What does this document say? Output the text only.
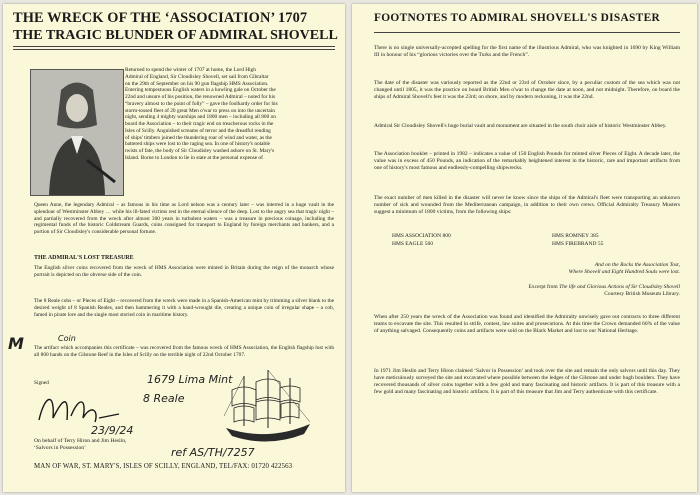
THE WRECK OF THE ‘ASSOCIATION’ 1707
THE TRAGIC BLUNDER OF ADMIRAL SHOVELL
Returned to spend the winter of 1707 at home, the Lord High
Admiral of England, Sir Cloudisley Shovell, set sail from Gibraltar
on the 29th of September on his 90 gun flagship HMS Association.
Entering tempestuous English waters in a howling gale on October the
22nd and unsure of his position, the renowned Admiral – noted for his
“bravery almost to the point of folly” – gave the foolhardy order for his
storm-tossed fleet of 20 great Men o'war to press on into the uncertain
night, sending 4 mighty warships and 1800 men – including all 800 on
board the Association – to their tragic end on treacherous rocks in the
Isles of Scilly. Anguished screams of terror and the dreadful rending
of ships' timbers joined the thundering roar of wind and water, as the
battered ships were lost to the raging sea. In one of history's notable
twists of fate, the body of Sir Cloudisley washed ashore on St. Mary's
Island. Borne to London to lie in state at the personal expense of
Queen Anne, the legendary Admiral – as famous in his time as Lord nelson was a century later – was interred in a huge vault in the splendour of Westminster Abbey … while his ill-fated victims rest in the eternal silence of the deep. Lost to the angry sea that tragic night – and partially recovered from the wreck after almost 300 years in turbulent waters – was a treasure in precious coinage, including the regimental funds of the historic Coldstream Guards, coins consigned for transport to England by foreign merchants and bankers, and a portion of Sir Cloudisley's considerable personal fortune.
THE ADMIRAL'S LOST TREASURE
The English silver coins recovered from the wreck of HMS Association were minted in Britain during the reign of the monarch whose portrait is depicted on the obverse side of the coin.
The 8 Reale cobs – or Pieces of Eight – recovered from the wreck were made in a Spanish-American mint by trimming a silver blank to the desired weight of 8 Spanish Reales, and then hammering it with a hand-wrought die, creating a unique coin of irregular shape – a cob, famed in pirate lore and the single most storied coin in maritime history.
The artifact which accompanies this certificate – was recovered from the famous wreck of HMS Association, the English flagship lost with all 800 hands on the Gilstone Reef in the Isles of Scilly on the terrible night of 22nd October 1707.
Coin
M
Signed	1679 Lima Mint
8 Reale
23/9/24
ref AS/TH/7257
On behalf of Terry Hiron and Jim Heslin,
‘Salvors in Possession’
MAN OF WAR, ST. MARY'S, ISLES OF SCILLY, ENGLAND, TEL/FAX: 01720 422563
FOOTNOTES TO ADMIRAL SHOVELL'S DISASTER
There is no single universally-accepted spelling for the first name of the illustrious Admiral, who was knighted in 1690 by King William III in honour of his “glorious victories over the Turks and the French”.
The date of the disaster was variously reported as the 22nd or 23rd of October since, by a peculiar custom of the sea which was not changed until 1805, it was the practice on board British Men o'war to change the date at noon, and not midnight. Therefore, on board the ships of Admiral Shovell's feet it was the 23rd; on shore, and by modern reckoning, it was the 22nd.
Admiral Sir Cloudisley Shovell's huge burial vault and monument are situated in the south choir aisle of historic Westminster Abbey.
The Association booklet – printed in 1982 – indicates a value of 150 English Pounds for minted silver Pieces of Eight. A decade later, the value was in excess of 450 Pounds, an indication of the remarkably heightened interest in the historic, rare and important artifacts from one of history's most famous and endlessly-compelling shipwrecks.
The exact number of men killed in the disaster will never be know since the ships of the Admiral's fleet were transporting an unknown number of sick and wounded from the Mediterranean campaign, in addition to their own crews. Official Admiralty Treasury Musters suggest a minimum of 1800 victims, from the following ships:
HMS ASSOCIATION 800	HMS ROMNEY 385
HMS EAGLE 560	HMS FIREBRAND 55
And on the Rocks the Association Tost,
Where Shovell and Eight Hundred Souls were lost.
Excerpt from The life and Glorious Actions of Sir Cloudisley Shovell
Courtesy British Museum Library.
When after 250 years the wreck of the Association was found and identified the Admiralty unwisely gave out contracts to three different teams to excavate the site. This resulted in strife, contest, law suites and prosecutions. At this time the Crown demanded 66% of the value of anything salvaged. Consequently coins and artifacts were sold on the Black Market and lost to our National Heritage.
In 1971 Jim Heslin and Terry Hiron claimed ‘Salvor in Possession’ and took over the site and remain the only salvors until this day. They have meticulously surveyed the site and excavated where possible between the ledges of the Gilstone and under hugh boulders. They have recovered thousands of silver coins together with a few gold and many fascinating and historic artifacts. It is part of this treasure with a few gold and many fascinating and historic artifacts. It is part of this treasure that Jim and Terry authenticate with this certificate.
